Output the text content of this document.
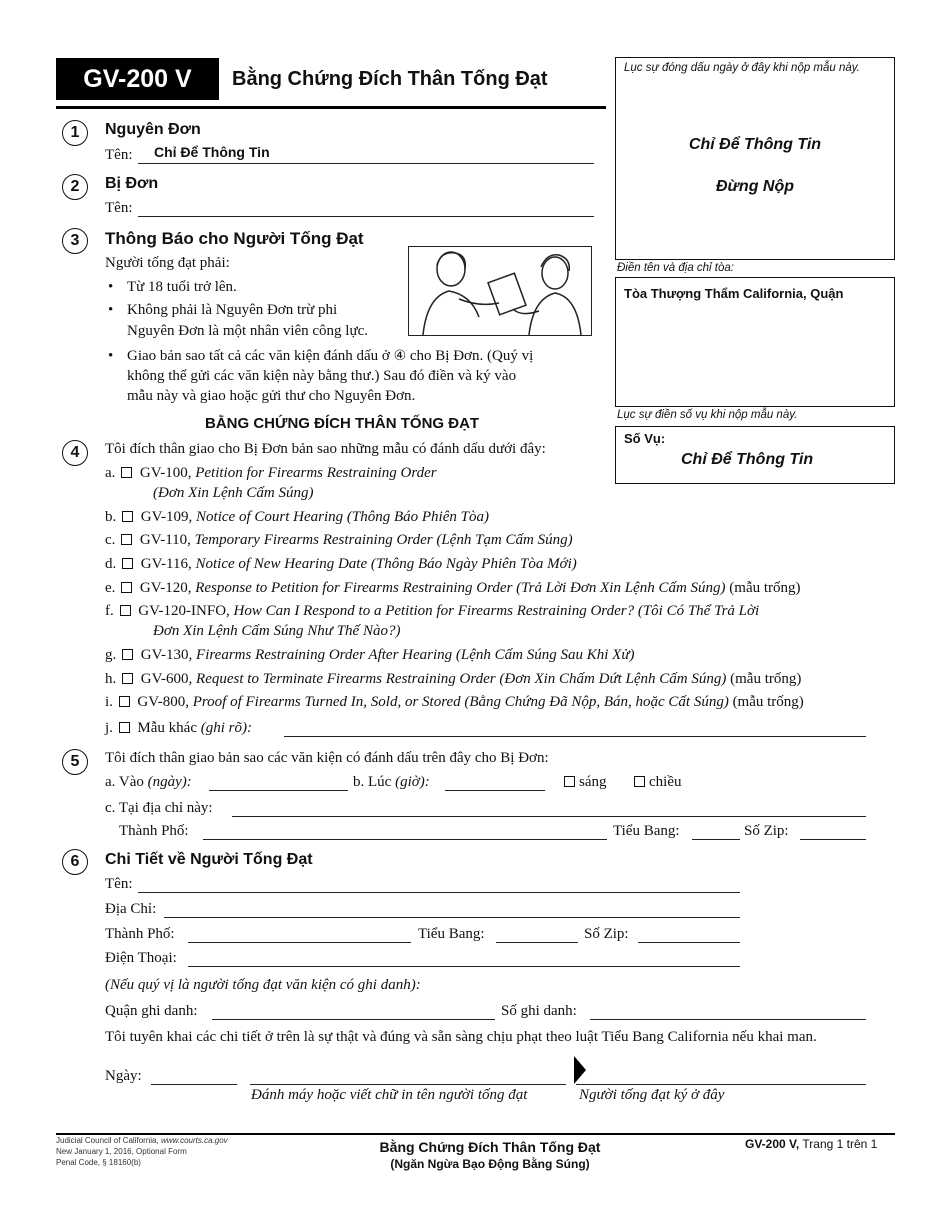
GV-200 V	Bằng Chứng Đích Thân Tống Đạt	Lục sự đóng dấu ngày ở đây khi nộp mẫu này.
Chỉ Để Thông Tin
Đừng Nộp
Điền tên và địa chỉ tòa:
Tòa Thượng Thẩm California, Quận
Lục sự điền số vụ khi nộp mẫu này.
Số Vụ:
Chỉ Để Thông Tin
1	Nguyên Đơn
Tên: Chỉ Để Thông Tin
2	Bị Đơn
Tên:
3	Thông Báo cho Người Tống Đạt
Người tống đạt phải:
• Từ 18 tuổi trở lên.
• Không phải là Nguyên Đơn trừ phi
Nguyên Đơn là một nhân viên công lực.
• Giao bản sao tất cả các văn kiện đánh dấu ở ④ cho Bị Đơn. (Quý vị
không thể gửi các văn kiện này bằng thư.) Sau đó điền và ký vào
mẫu này và giao hoặc gửi thư cho Nguyên Đơn.
BẰNG CHỨNG ĐÍCH THÂN TỐNG ĐẠT
4	Tôi đích thân giao cho Bị Đơn bản sao những mẫu có đánh dấu dưới đây:
a. GV-100, Petition for Firearms Restraining Order
(Đơn Xin Lệnh Cấm Súng)
b. GV-109, Notice of Court Hearing (Thông Báo Phiên Tòa)
c. GV-110, Temporary Firearms Restraining Order (Lệnh Tạm Cấm Súng)
d. GV-116, Notice of New Hearing Date (Thông Báo Ngày Phiên Tòa Mới)
e. GV-120, Response to Petition for Firearms Restraining Order (Trả Lời Đơn Xin Lệnh Cấm Súng) (mẫu trống)
f. GV-120-INFO, How Can I Respond to a Petition for Firearms Restraining Order? (Tôi Có Thể Trả Lời
Đơn Xin Lệnh Cấm Súng Như Thế Nào?)
g. GV-130, Firearms Restraining Order After Hearing (Lệnh Cấm Súng Sau Khi Xử)
h. GV-600, Request to Terminate Firearms Restraining Order (Đơn Xin Chấm Dứt Lệnh Cấm Súng) (mẫu trống)
i. GV-800, Proof of Firearms Turned In, Sold, or Stored (Bằng Chứng Đã Nộp, Bán, hoặc Cất Súng) (mẫu trống)
j. Mẫu khác (ghi rõ):
5	Tôi đích thân giao bản sao các văn kiện có đánh dấu trên đây cho Bị Đơn:
a. Vào (ngày):	b. Lúc (giờ):	sáng	chiều
c. Tại địa chỉ này:
Thành Phố:	Tiểu Bang:	Số Zip:
6	Chi Tiết về Người Tống Đạt
Tên:
Địa Chỉ:
Thành Phố:	Tiểu Bang:	Số Zip:
Điện Thoại:
(Nếu quý vị là người tống đạt văn kiện có ghi danh):
Quận ghi danh:	Số ghi danh:
Tôi tuyên khai các chi tiết ở trên là sự thật và đúng và sẵn sàng chịu phạt theo luật Tiểu Bang California nếu khai man.
Ngày:
Đánh máy hoặc viết chữ in tên người tống đạt	Người tống đạt ký ở đây
Judicial Council of California, www.courts.ca.gov
New January 1, 2016, Optional Form
Penal Code, § 18160(b)
Bằng Chứng Đích Thân Tống Đạt
(Ngăn Ngừa Bạo Động Bằng Súng)
GV-200 V, Trang 1 trên 1
